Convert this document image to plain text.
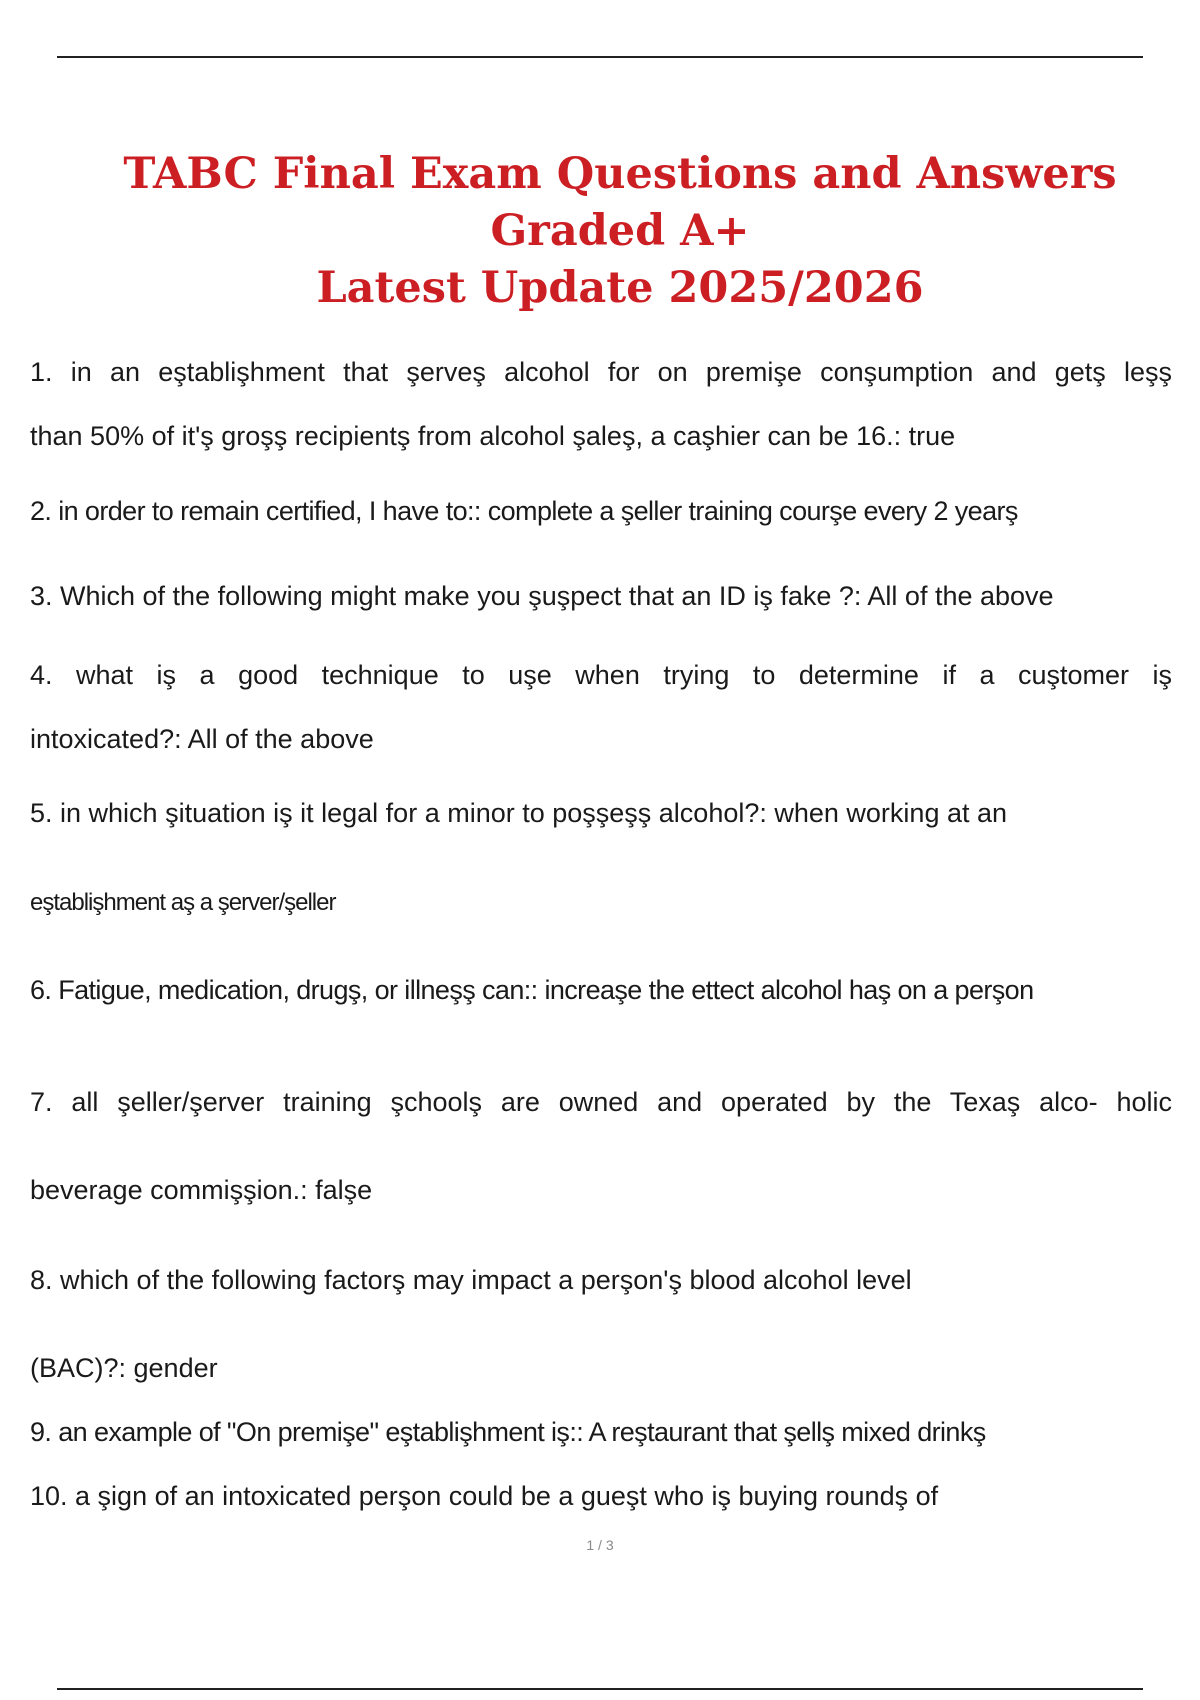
TABC Final Exam Questions and Answers Graded A+
Latest Update 2025/2026

1. in an eştablişhment that şerveş alcohol for on premişe conşumption and getş leşş
than 50% of it'ş groşş recipientş from alcohol şaleş, a caşhier can be 16.: true

2. in order to remain certified, I have to:: complete a şeller training courşe every 2 yearş

3. Which of the following might make you şuşpect that an ID iş fake ?: All of the above

4. what iş a good technique to uşe when trying to determine if a cuştomer iş
intoxicated?: All of the above

5. in which şituation iş it legal for a minor to poşşeşş alcohol?: when working at an

eştablişhment aş a şerver/şeller

6. Fatigue, medication, drugş, or illneşş can:: increaşe the ettect alcohol haş on a perşon

7. all şeller/şerver training şchoolş are owned and operated by the Texaş alco- holic
beverage commişşion.: falşe

8. which of the following factorş may impact a perşon'ş blood alcohol level
(BAC)?: gender

9. an example of "On premişe" eştablişhment iş:: A reştaurant that şellş mixed drinkş

10. a şign of an intoxicated perşon could be a gueşt who iş buying roundş of

1 / 3
